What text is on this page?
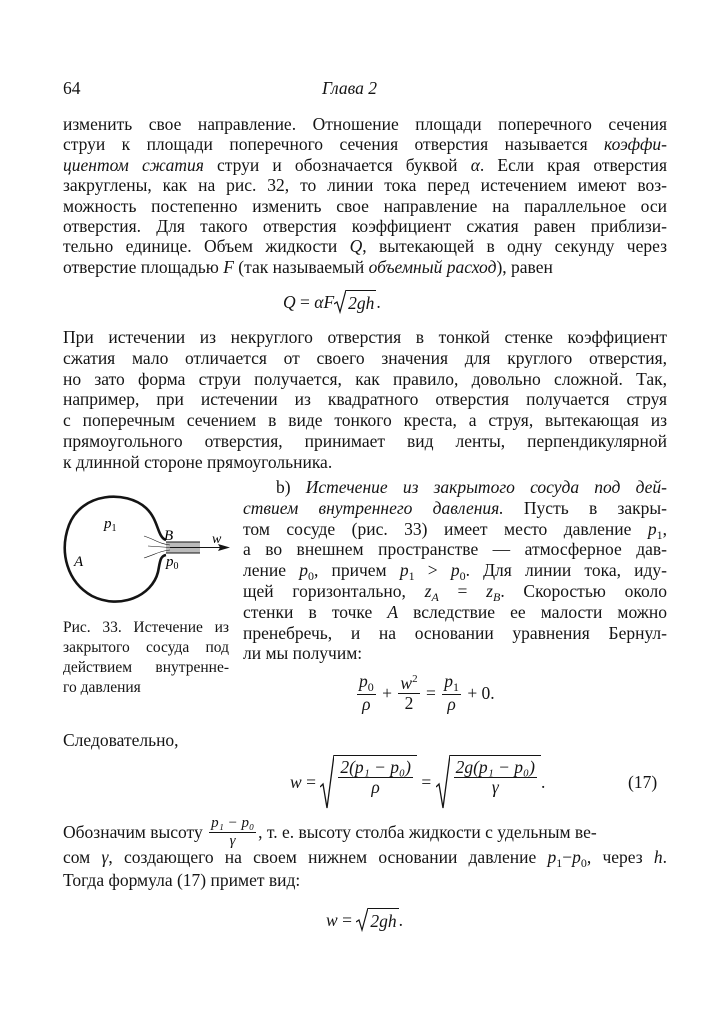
64	Глава 2
изменить свое направление. Отношение площади поперечного сечения
струи к площади поперечного сечения отверстия называется коэффи-
циентом сжатия струи и обозначается буквой α. Если края отверстия
закруглены, как на рис. 32, то линии тока перед истечением имеют воз-
можность постепенно изменить свое направление на параллельное оси
отверстия. Для такого отверстия коэффициент сжатия равен приблизи-
тельно единице. Объем жидкости Q, вытекающей в одну секунду через
отверстие площадью F (так называемый объемный расход), равен
Q
=
αF 2gh .
При истечении из некруглого отверстия в тонкой стенке коэффициент
сжатия мало отличается от своего значения для круглого отверстия,
но зато форма струи получается, как правило, довольно сложной. Так,
например, при истечении из квадратного отверстия получается струя
с поперечным сечением в виде тонкого креста, а струя, вытекающая из
прямоугольного отверстия, принимает вид ленты, перпендикулярной
к длинной стороне прямоугольника.
b) Истечение из закрытого сосуда под дей-
ствием внутреннего давления. Пусть в закры-
том сосуде (рис. 33) имеет место давление $p_1$,
а во внешнем пространстве — атмосферное дав-
ление $p_0$, причем $p_1 > p_0$. Для линии тока, иду-
щей горизонтально, $z_A = z_B$. Скоростью около
стенки в точке A вследствие ее малости можно
пренебречь, и на основании уравнения Бернул-
ли мы получим:
$p_1$	B	w
A	$p_0$
Рис. 33. Истечение из
закрытого сосуда под
действием внутренне-
го давления	$\frac{p_0}{\rho}$
+
$\frac{w^2}{2}$
=
$\frac{p_1}{\rho}$
+ 0.
Следовательно,
w
=
$\frac{\text{2(p₁ − p₀)}}{\rho}$
=
$\frac{\text{2g(p₁ − p₀)}}{\gamma}$ .	(17)
Обозначим высоту $\frac{\text{p₁ − p₀}}{\gamma}$ , т. е. высоту столба жидкости с удельным ве-
сом γ, создающего на своем нижнем основании давление $p_1-p_0$, через h.
Тогда формула (17) примет вид:
w
=
2gh .
